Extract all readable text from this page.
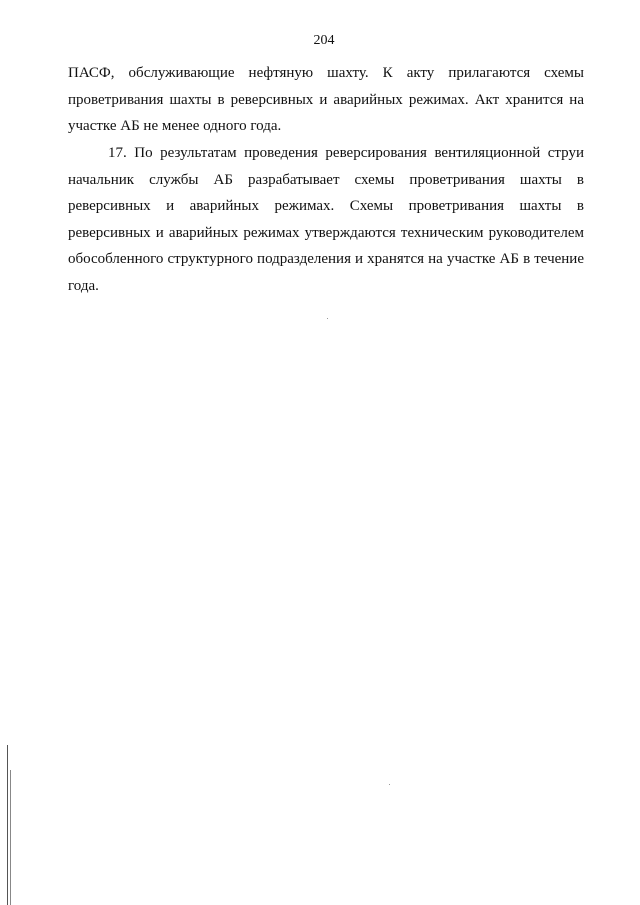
204
ПАСФ, обслуживающие нефтяную шахту. К акту прилагаются схемы
проветривания шахты в реверсивных и аварийных режимах. Акт хранится на
участке АБ не менее одного года.
17. По результатам проведения реверсирования вентиляционной струи
начальник службы АБ разрабатывает схемы проветривания шахты в
реверсивных и аварийных режимах. Схемы проветривания шахты в
реверсивных и аварийных режимах утверждаются техническим руководителем
обособленного структурного подразделения и хранятся на участке АБ в течение
года.
